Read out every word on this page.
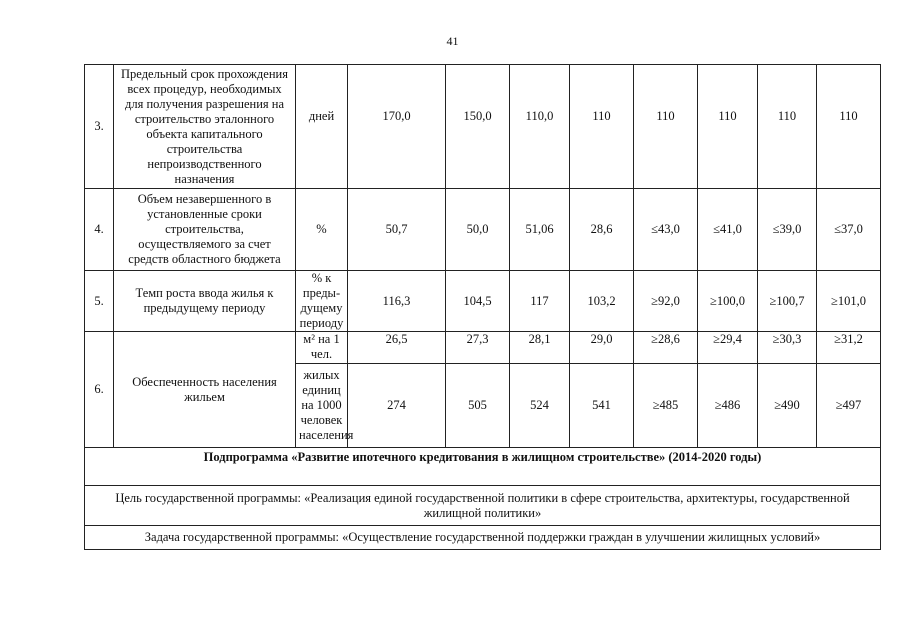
41
3.	Предельный срок прохождения всех процедур, необходимых для получения разрешения на строительство эталонного объекта капитального строительства непроизводственного назначения	дней	170,0	150,0	110,0	110	110	110	110	110
4.	Объем незавершенного в установленные сроки строительства, осуществляемого за счет средств областного бюджета	%	50,7	50,0	51,06	28,6	≤43,0	≤41,0	≤39,0	≤37,0
5.	Темп роста ввода жилья к предыдущему периоду	% к преды-дущему периоду	116,3	104,5	117	103,2	≥92,0	≥100,0	≥100,7	≥101,0
6.	Обеспеченность населения жильем	м² на 1 чел.	26,5	27,3	28,1	29,0	≥28,6	≥29,4	≥30,3	≥31,2
		жилых единиц на 1000 человек населения	274	505	524	541	≥485	≥486	≥490	≥497
Подпрограмма «Развитие ипотечного кредитования в жилищном строительстве» (2014-2020 годы)										
Цель государственной программы: «Реализация единой государственной политики в сфере строительства, архитектуры, государственной жилищной политики»										
Задача государственной программы: «Осуществление государственной поддержки граждан в улучшении жилищных условий»										
